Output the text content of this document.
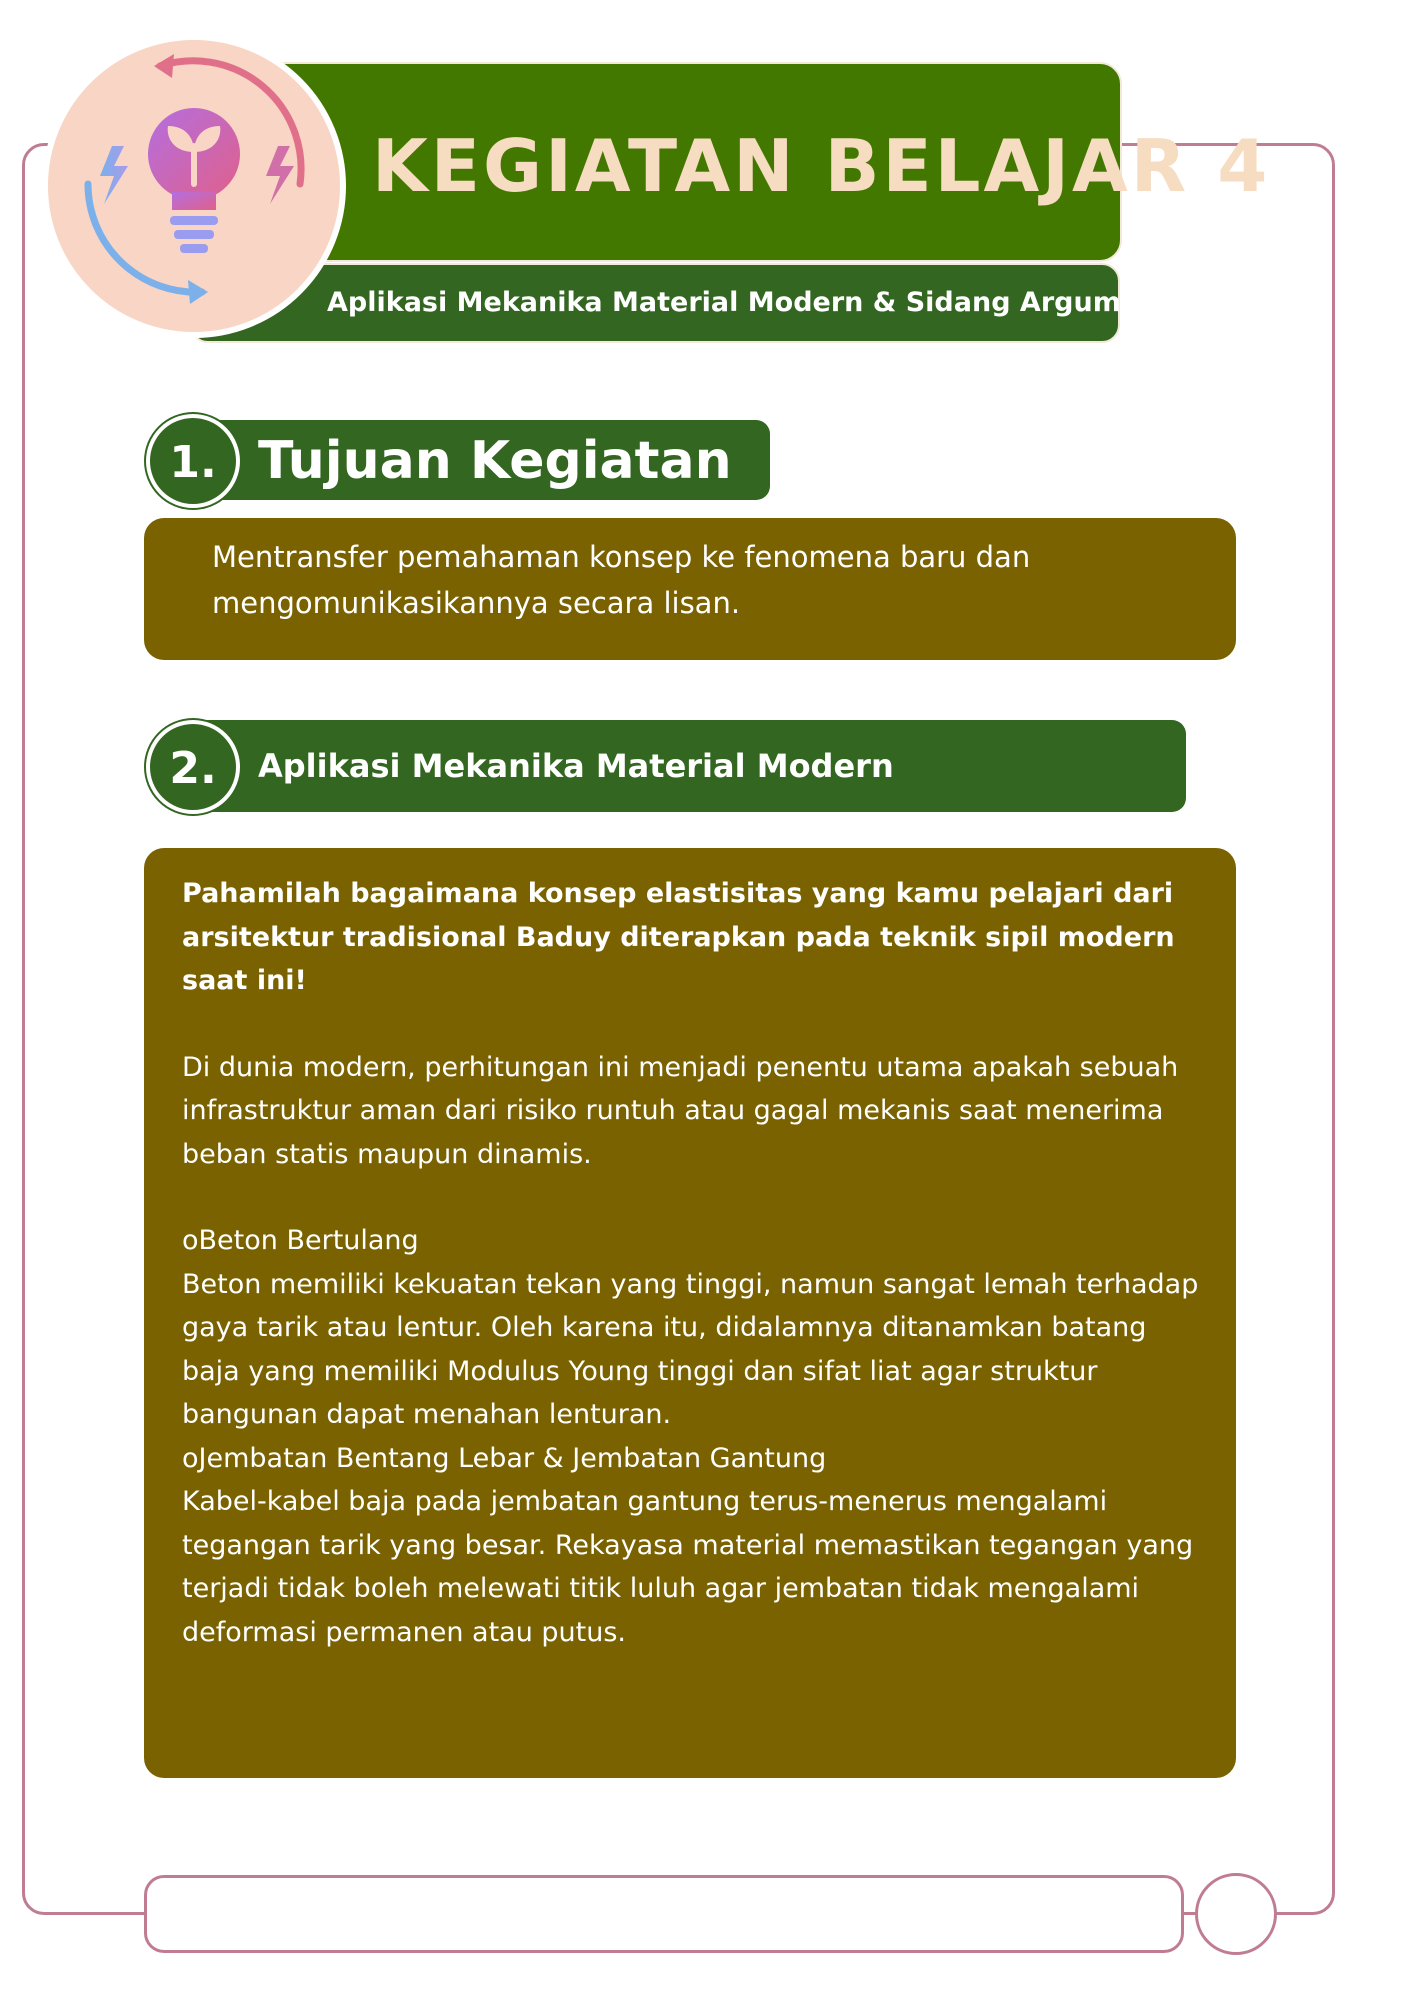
KEGIATAN BELAJAR 4
Aplikasi Mekanika Material Modern & Sidang Argumen
1. Tujuan Kegiatan
Mentransfer pemahaman konsep ke fenomena baru dan
mengomunikasikannya secara lisan.
2.	Aplikasi Mekanika Material Modern

Pahamilah bagaimana konsep elastisitas yang kamu pelajari dari arsitektur tradisional Baduy diterapkan pada teknik sipil modern saat ini!

Di dunia modern, perhitungan ini menjadi penentu utama apakah sebuah infrastruktur aman dari risiko runtuh atau gagal mekanis saat menerima beban statis maupun dinamis.

oBeton Bertulang

Beton memiliki kekuatan tekan yang tinggi, namun sangat lemah terhadap gaya tarik atau lentur. Oleh karena itu, didalamnya ditanamkan batang baja yang memiliki Modulus Young tinggi dan sifat liat agar struktur bangunan dapat menahan lenturan.

oJembatan Bentang Lebar & Jembatan Gantung

Kabel-kabel baja pada jembatan gantung terus-menerus mengalami tegangan tarik yang besar. Rekayasa material memastikan tegangan yang terjadi tidak boleh melewati titik luluh agar jembatan tidak mengalami deformasi permanen atau putus.
